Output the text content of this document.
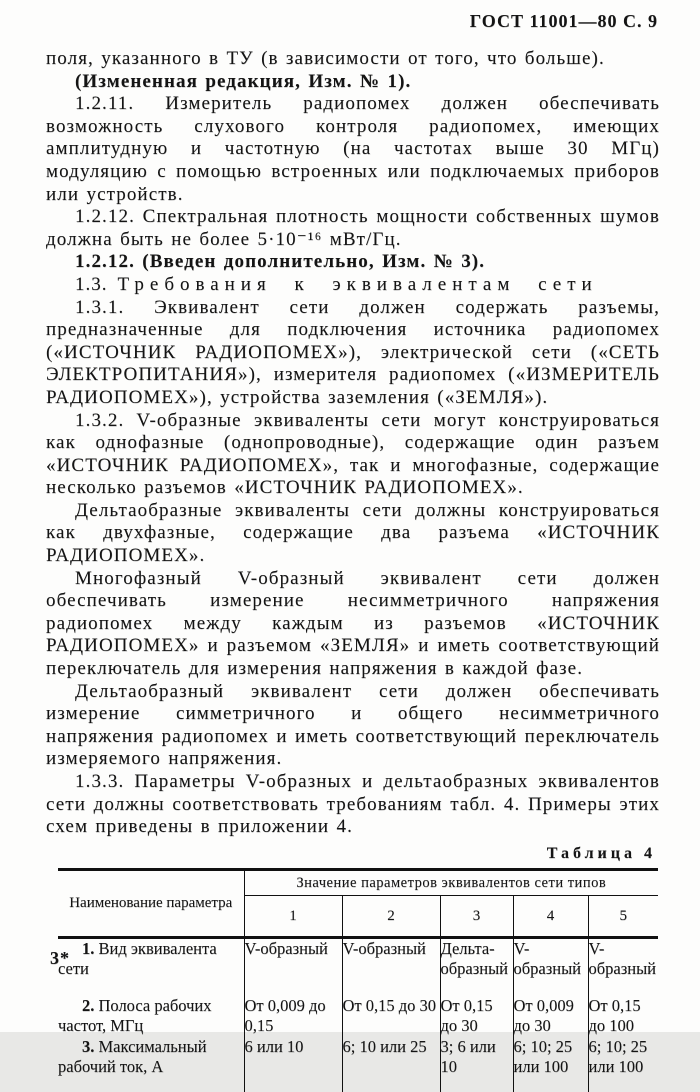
ГОСТ 11001—80 С. 9

поля, указанного в ТУ (в зависимости от того, что больше).

(Измененная редакция, Изм. № 1).

1.2.11. Измеритель радиопомех должен обеспечивать возможность слухового контроля радиопомех, имеющих амплитудную и частотную (на частотах выше 30 МГц) модуляцию с помощью встроенных или подключаемых приборов или устройств.

1.2.12. Спектральная плотность мощности собственных шумов должна быть не более 5·10⁻¹⁶ мВт/Гц.

1.2.12. (Введен дополнительно, Изм. № 3).

1.3. Требования к эквивалентам сети

1.3.1. Эквивалент сети должен содержать разъемы, предназначенные для подключения источника радиопомех («ИСТОЧНИК РАДИОПОМЕХ»), электрической сети («СЕТЬ ЭЛЕКТРОПИТАНИЯ»), измерителя радиопомех («ИЗМЕРИТЕЛЬ РАДИОПОМЕХ»), устройства заземления («ЗЕМЛЯ»).

1.3.2. V-образные эквиваленты сети могут конструироваться как однофазные (однопроводные), содержащие один разъем «ИСТОЧНИК РАДИОПОМЕХ», так и многофазные, содержащие несколько разъемов «ИСТОЧНИК РАДИОПОМЕХ».

Дельтаобразные эквиваленты сети должны конструироваться как двухфазные, содержащие два разъема «ИСТОЧНИК РАДИОПОМЕХ».

Многофазный V-образный эквивалент сети должен обеспечивать измерение несимметричного напряжения радиопомех между каждым из разъемов «ИСТОЧНИК РАДИОПОМЕХ» и разъемом «ЗЕМЛЯ» и иметь соответствующий переключатель для измерения напряжения в каждой фазе.

Дельтаобразный эквивалент сети должен обеспечивать измерение симметричного и общего несимметричного напряжения радиопомех и иметь соответствующий переключатель измеряемого напряжения.

1.3.3. Параметры V-образных и дельтаобразных эквивалентов сети должны соответствовать требованиям табл. 4. Примеры этих схем приведены в приложении 4.

Таблица 4
Наименование параметра	Значение параметров эквивалентов сети типов				
	1	2	3	4	5

1. Вид эквивалента сети	V-образный	V-образный	Дельта-образный	V-образный	V-образный

2. Полоса рабочих частот, МГц	От 0,009 до 0,15	От 0,15 до 30	От 0,15 до 30	От 0,009 до 30	От 0,15 до 100

3. Максимальный рабочий ток, А	6 или 10	6; 10 или 25	3; 6 или 10	6; 10; 25 или 100	6; 10; 25 или 100
3*
